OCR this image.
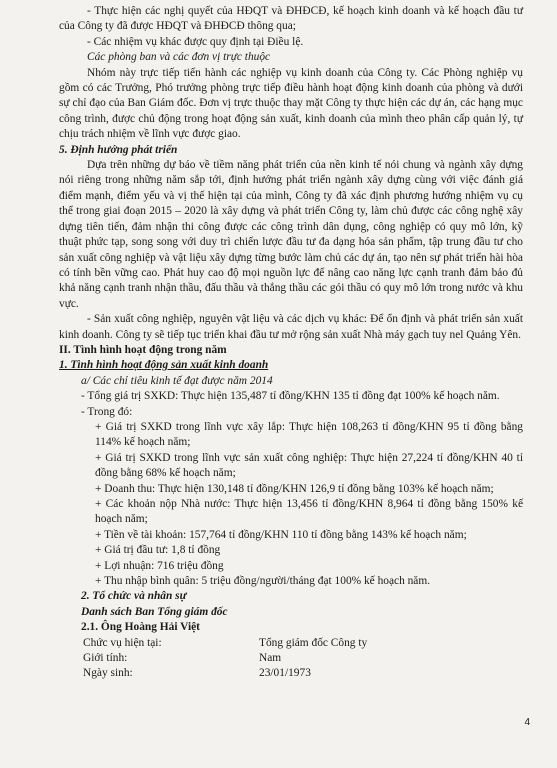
- Thực hiện các nghị quyết của HĐQT và ĐHĐCĐ, kế hoạch kinh doanh và kế hoạch đầu tư của Công ty đã được HĐQT và ĐHĐCĐ thông qua;

- Các nhiệm vụ khác được quy định tại Điều lệ.

Các phòng ban và các đơn vị trực thuộc

Nhóm này trực tiếp tiến hành các nghiệp vụ kinh doanh của Công ty. Các Phòng nghiệp vụ gồm có các Trưởng, Phó trưởng phòng trực tiếp điều hành hoạt động kinh doanh của phòng và dưới sự chỉ đạo của Ban Giám đốc. Đơn vị trực thuộc thay mặt Công ty thực hiện các dự án, các hạng mục công trình, được chủ động trong hoạt động sản xuất, kinh doanh của mình theo phân cấp quản lý, tự chịu trách nhiệm về lĩnh vực được giao.

5. Định hướng phát triển

Dựa trên những dự báo về tiềm năng phát triển của nền kinh tế nói chung và ngành xây dựng nói riêng trong những năm sắp tới, định hướng phát triển ngành xây dựng cùng với việc đánh giá điểm mạnh, điểm yếu và vị thế hiện tại của mình, Công ty đã xác định phương hướng nhiệm vụ cụ thể trong giai đoạn 2015 – 2020 là xây dựng và phát triển Công ty, làm chủ được các công nghệ xây dựng tiên tiến, đảm nhận thi công được các công trình dân dụng, công nghiệp có quy mô lớn, kỹ thuật phức tạp, song song với duy trì chiến lược đầu tư đa dạng hóa sản phẩm, tập trung đầu tư cho sản xuất công nghiệp và vật liệu xây dựng từng bước làm chủ các dự án, tạo nên sự phát triển hài hòa có tính bền vững cao. Phát huy cao độ mọi nguồn lực để nâng cao năng lực cạnh tranh đảm bảo đủ khả năng cạnh tranh nhận thầu, đấu thầu và thắng thầu các gói thầu có quy mô lớn trong nước và khu vực.

- Sản xuất công nghiệp, nguyên vật liệu và các dịch vụ khác: Để ổn định và phát triển sản xuất kinh doanh. Công ty sẽ tiếp tục triển khai đầu tư mở rộng sản xuất Nhà máy gạch tuy nel Quảng Yên.

II. Tình hình hoạt động trong năm

1. Tình hình hoạt động sản xuất kinh doanh

a/ Các chỉ tiêu kinh tế đạt được năm 2014

- Tổng giá trị SXKD: Thực hiện 135,487 tỉ đồng/KHN 135 tỉ đồng đạt 100% kế hoạch năm.

- Trong đó:

+ Giá trị SXKD trong lĩnh vực xây lắp: Thực hiện 108,263 tỉ đồng/KHN 95 tỉ đồng bằng 114% kế hoạch năm;

+ Giá trị SXKD trong lĩnh vực sản xuất công nghiệp: Thực hiện 27,224 tỉ đồng/KHN 40 tỉ đồng bằng 68% kế hoạch năm;

+ Doanh thu: Thực hiện 130,148 tỉ đồng/KHN 126,9 tỉ đồng bằng 103% kế hoạch năm;

+ Các khoản nộp Nhà nước: Thực hiện 13,456 tỉ đồng/KHN 8,964 tỉ đồng bằng 150% kế hoạch năm;

+ Tiền về tài khoản: 157,764 tỉ đồng/KHN 110 tỉ đồng bằng 143% kế hoạch năm;

+ Giá trị đầu tư: 1,8 tỉ đồng

+ Lợi nhuận: 716 triệu đồng

+ Thu nhập bình quân: 5 triệu đồng/người/tháng đạt 100% kế hoạch năm.

2. Tổ chức và nhân sự

Danh sách Ban Tổng giám đốc

2.1. Ông Hoàng Hải Việt

Chức vụ hiện tại:	Tổng giám đốc Công ty
Giới tính:	Nam
Ngày sinh:	23/01/1973
4
